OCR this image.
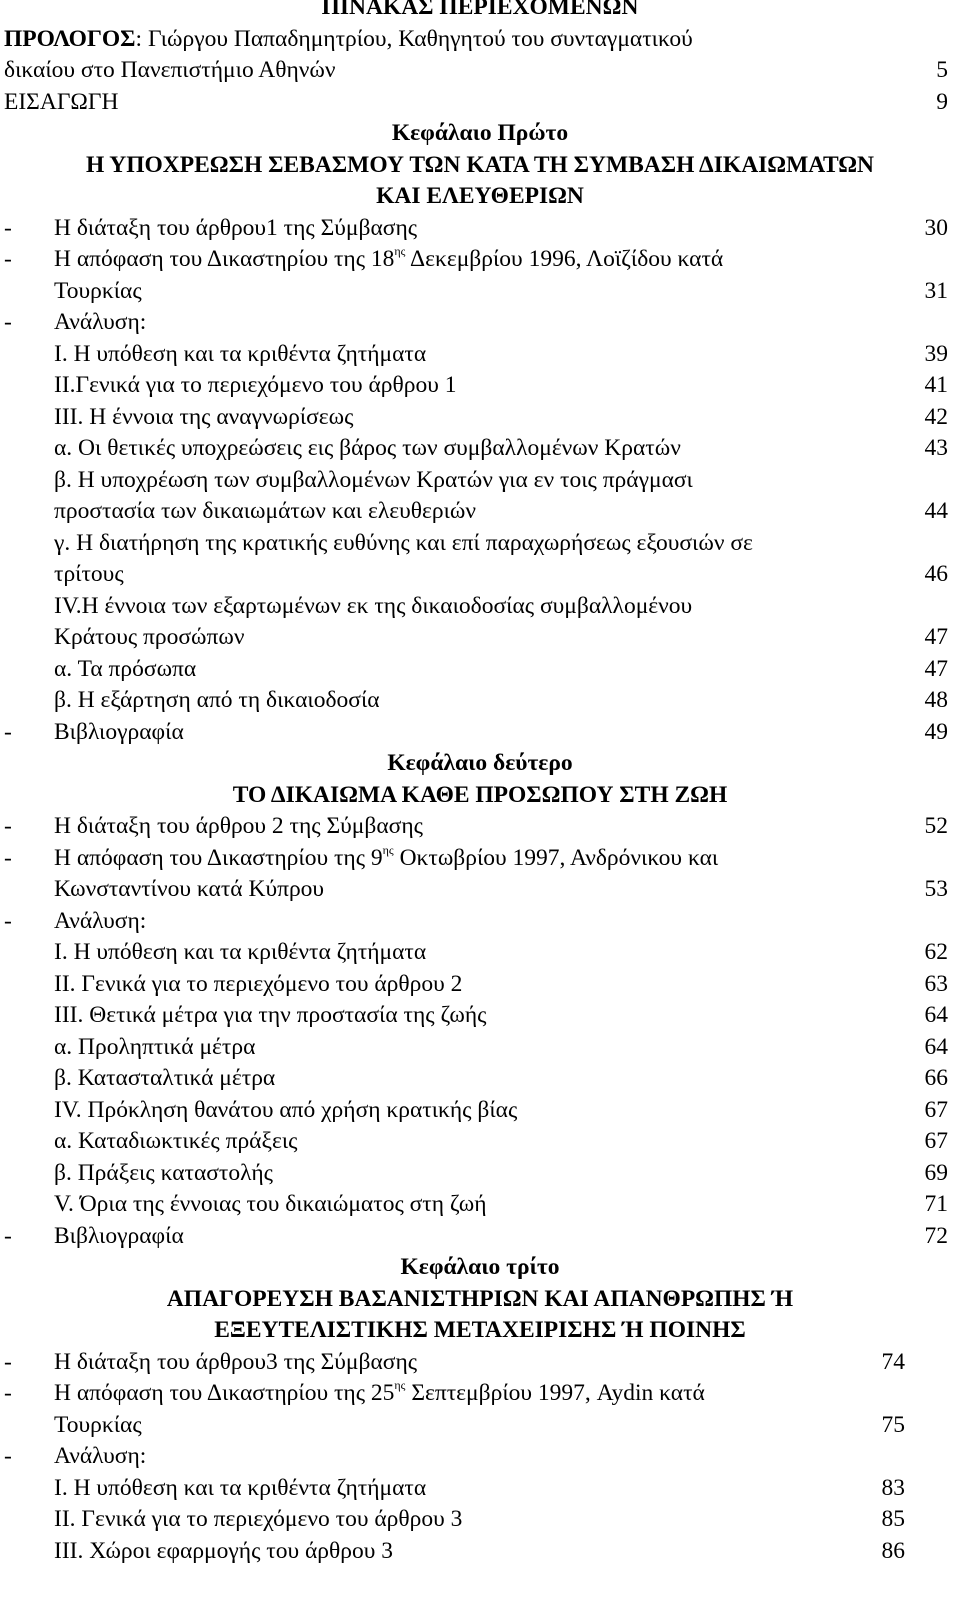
ΠΙΝΑΚΑΣ ΠΕΡΙΕΧΟΜΕΝΩΝ
ΠΡΟΛΟΓΟΣ: Γιώργου Παπαδημητρίου, Καθηγητού του συνταγματικού
δικαίου στο Πανεπιστήμιο Αθηνών	5
ΕΙΣΑΓΩΓΗ	9
Κεφάλαιο Πρώτο
Η ΥΠΟΧΡΕΩΣΗ ΣΕΒΑΣΜΟΥ ΤΩΝ ΚΑΤΑ ΤΗ ΣΥΜΒΑΣΗ ΔΙΚΑΙΩΜΑΤΩΝ
ΚΑΙ ΕΛΕΥΘΕΡΙΩΝ
- Η διάταξη του άρθρου1 της Σύμβασης	30
- Η απόφαση του Δικαστηρίου της $18^{\eta\varsigma}$ Δεκεμβρίου 1996, Λοϊζίδου κατά
Τουρκίας	31
- Ανάλυση:
Ι. Η υπόθεση και τα κριθέντα ζητήματα	39
ΙΙ.Γενικά για το περιεχόμενο του άρθρου 1	41
ΙΙΙ. Η έννοια της αναγνωρίσεως	42
α. Οι θετικές υποχρεώσεις εις βάρος των συμβαλλομένων Κρατών	43
β. Η υποχρέωση των συμβαλλομένων Κρατών για εν τοις πράγμασι
προστασία των δικαιωμάτων και ελευθεριών	44
γ. Η διατήρηση της κρατικής ευθύνης και επί παραχωρήσεως εξουσιών σε
τρίτους	46
ΙV.Η έννοια των εξαρτωμένων εκ της δικαιοδοσίας συμβαλλομένου
Κράτους προσώπων	47
α. Τα πρόσωπα	47
β. Η εξάρτηση από τη δικαιοδοσία	48
- Βιβλιογραφία	49
Κεφάλαιο δεύτερο
ΤΟ ΔΙΚΑΙΩΜΑ ΚΑΘΕ ΠΡΟΣΩΠΟΥ ΣΤΗ ΖΩΗ
- Η διάταξη του άρθρου 2 της Σύμβασης	52
- Η απόφαση του Δικαστηρίου της $9^{\eta\varsigma}$ Οκτωβρίου 1997, Ανδρόνικου και
Κωνσταντίνου κατά Κύπρου	53
- Ανάλυση:
Ι. Η υπόθεση και τα κριθέντα ζητήματα	62
ΙΙ. Γενικά για το περιεχόμενο του άρθρου 2	63
ΙΙΙ. Θετικά μέτρα για την προστασία της ζωής	64
α. Προληπτικά μέτρα	64
β. Κατασταλτικά μέτρα	66
ΙV. Πρόκληση θανάτου από χρήση κρατικής βίας	67
α. Καταδιωκτικές πράξεις	67
β. Πράξεις καταστολής	69
V. Όρια της έννοιας του δικαιώματος στη ζωή	71
- Βιβλιογραφία	72
Κεφάλαιο τρίτο
ΑΠΑΓΟΡΕΥΣΗ ΒΑΣΑΝΙΣΤΗΡΙΩΝ ΚΑΙ ΑΠΑΝΘΡΩΠΗΣ Ή
ΕΞΕΥΤΕΛΙΣΤΙΚΗΣ ΜΕΤΑΧΕΙΡΙΣΗΣ Ή ΠΟΙΝΗΣ
- Η διάταξη του άρθρου3 της Σύμβασης	74
- Η απόφαση του Δικαστηρίου της $25^{\eta\varsigma}$ Σεπτεμβρίου 1997, Aydin κατά
Τουρκίας	75
- Ανάλυση:
Ι. Η υπόθεση και τα κριθέντα ζητήματα	83
ΙΙ. Γενικά για το περιεχόμενο του άρθρου 3	85
ΙΙΙ. Χώροι εφαρμογής του άρθρου 3	86
